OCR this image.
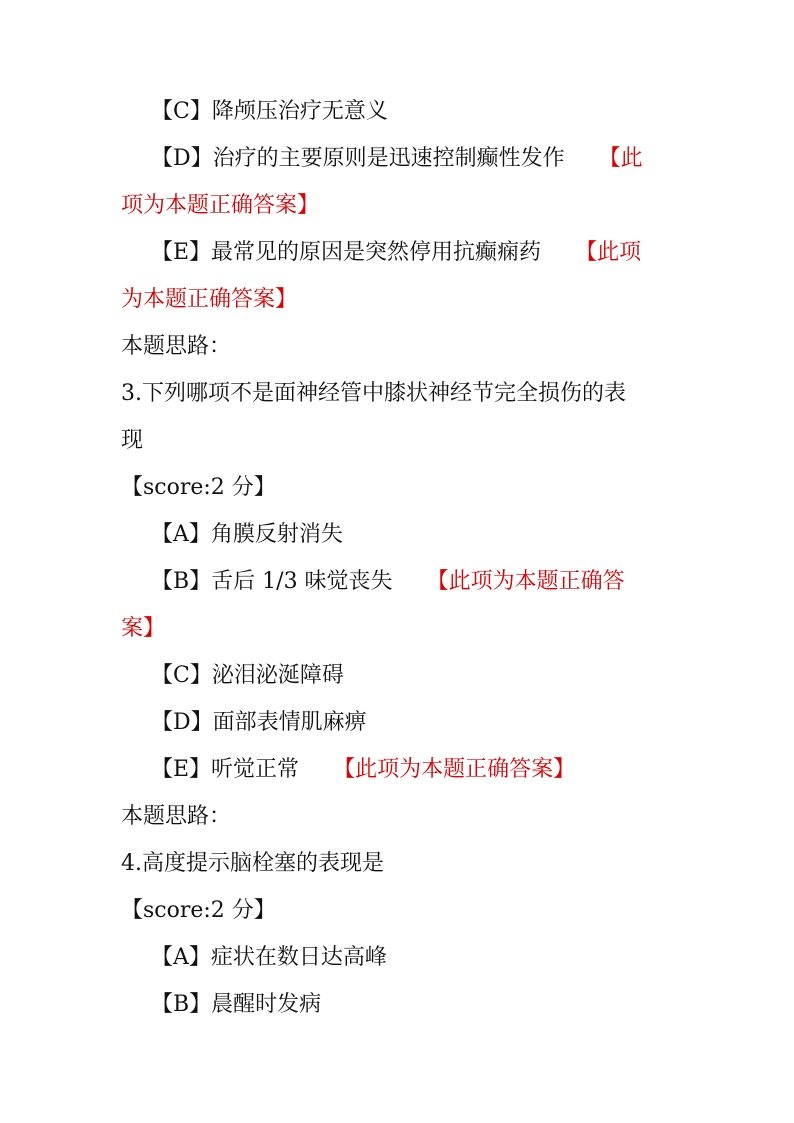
【C】降颅压治疗无意义
【D】治疗的主要原则是迅速控制癫性发作 【此
项为本题正确答案】
【E】最常见的原因是突然停用抗癫痫药 【此项
为本题正确答案】
本题思路：
3.下列哪项不是面神经管中膝状神经节完全损伤的表
现
【score:2 分】
【A】角膜反射消失
【B】舌后 1/3 味觉丧失 【此项为本题正确答
案】
【C】泌泪泌涎障碍
【D】面部表情肌麻痹
【E】听觉正常 【此项为本题正确答案】
本题思路：
4.高度提示脑栓塞的表现是
【score:2 分】
【A】症状在数日达高峰
【B】晨醒时发病
